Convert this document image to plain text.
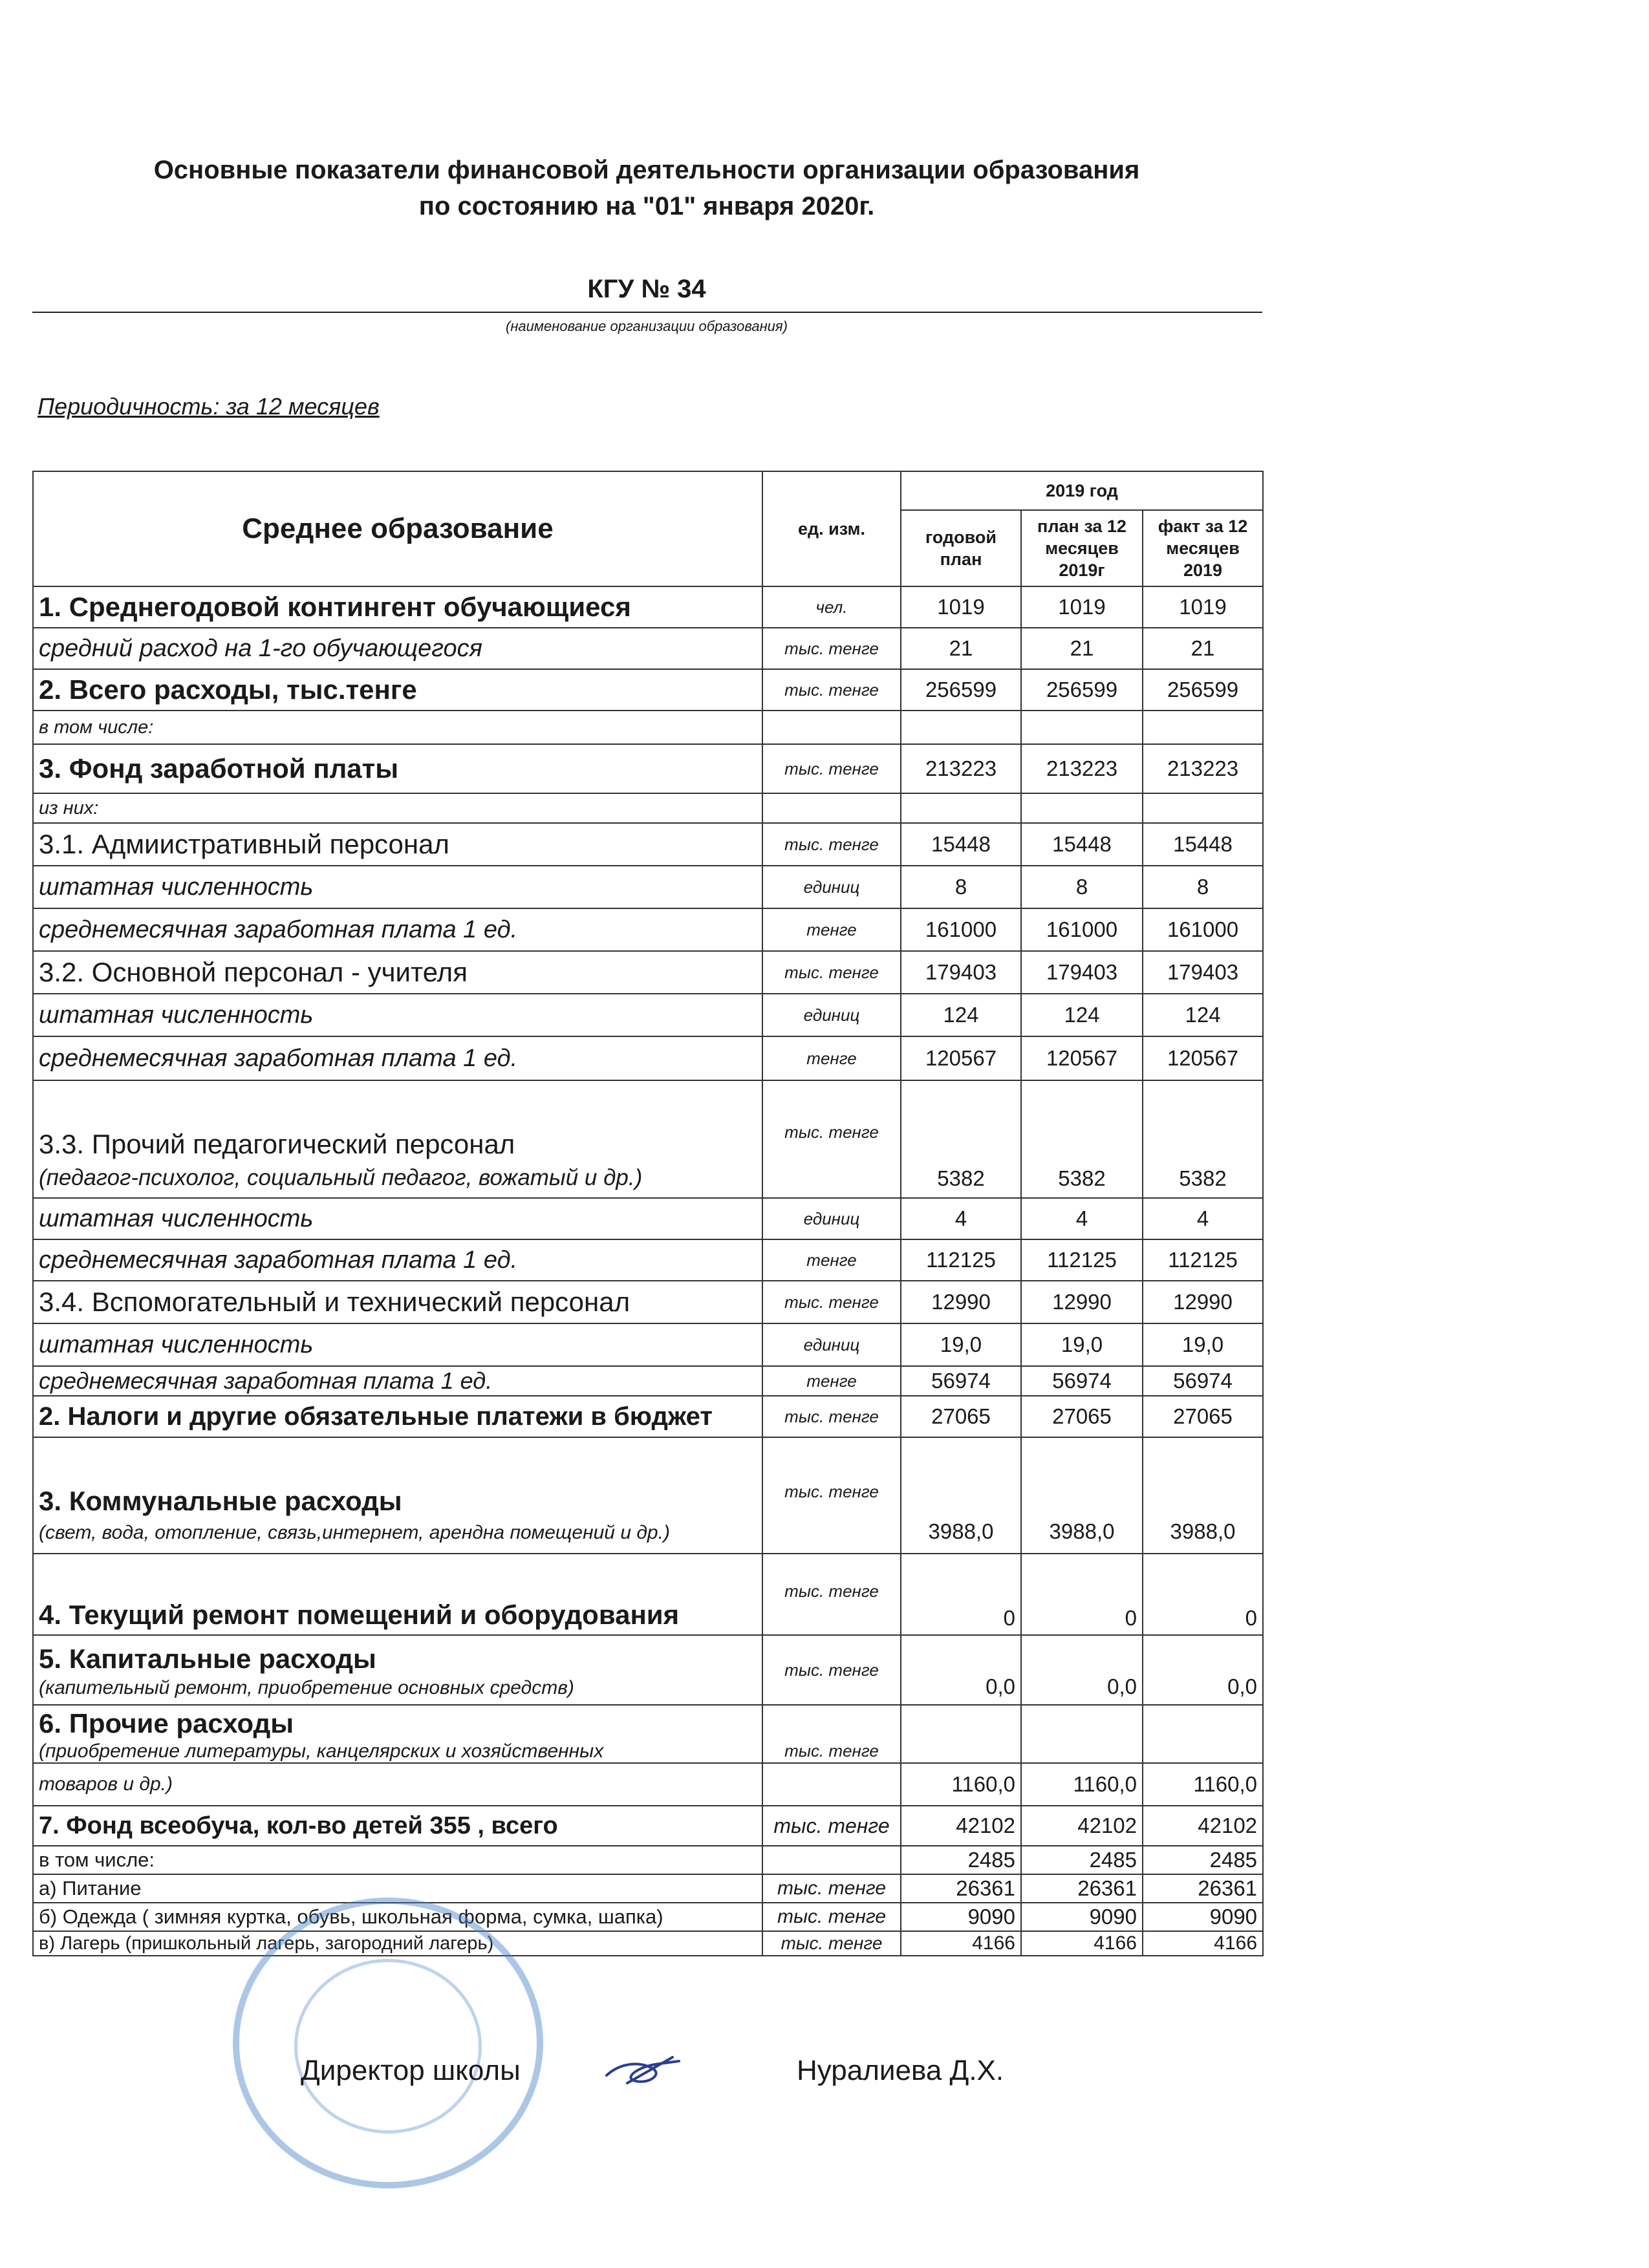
Основные показатели финансовой деятельности организации образования
по состоянию на "01" января 2020г.
КГУ № 34
(наименование организации образования)
Периодичность: за 12 месяцев
Среднее образование	ед. изм.	2019 год		
		годовой план	план за 12 месяцев 2019г	факт за 12 месяцев 2019
1. Среднегодовой контингент обучающиеся	чел.	1019	1019	1019
средний расход на 1-го обучающегося	тыс. тенге	21	21	21
2. Всего расходы, тыс.тенге	тыс. тенге	256599	256599	256599
в том числе:				
3. Фонд заработной платы	тыс. тенге	213223	213223	213223
из них:				
3.1. Адмиистративный персонал	тыс. тенге	15448	15448	15448
штатная численность	единиц	8	8	8
среднемесячная заработная плата 1 ед.	тенге	161000	161000	161000
3.2. Основной персонал - учителя	тыс. тенге	179403	179403	179403
штатная численность	единиц	124	124	124
среднемесячная заработная плата 1 ед.	тенге	120567	120567	120567

3.3. Прочий педагогический персонал
(педагог-психолог, социальный педагог, вожатый и др.)	тыс. тенге	5382	5382	5382
штатная численность	единиц	4	4	4
среднемесячная заработная плата 1 ед.	тенге	112125	112125	112125
3.4. Вспомогательный и технический персонал	тыс. тенге	12990	12990	12990
штатная численность	единиц	19,0	19,0	19,0
среднемесячная заработная плата 1 ед.	тенге	56974	56974	56974
2. Налоги и другие обязательные платежи в бюджет	тыс. тенге	27065	27065	27065

3. Коммунальные расходы
(свет, вода, отопление, связь,интернет, арендна помещений и др.)	тыс. тенге	3988,0	3988,0	3988,0
4. Текущий ремонт помещений и оборудования	тыс. тенге	0	0	0

5. Капитальные расходы
(капительный ремонт, приобретение основных средств)	тыс. тенге	0,0	0,0	0,0

6. Прочие расходы
(приобретение литературы, канцелярских и хозяйственных	тыс. тенге			
товаров и др.)		1160,0	1160,0	1160,0
7. Фонд всеобуча, кол-во детей 355 , всего	тыс. тенге	42102	42102	42102
в том числе:		2485	2485	2485
а) Питание	тыс. тенге	26361	26361	26361
б) Одежда ( зимняя куртка, обувь, школьная форма, сумка, шапка)	тыс. тенге	9090	9090	9090
в) Лагерь (пришкольный лагерь, загородний лагерь)	тыс. тенге	4166	4166	4166
Директор школы	Нуралиева Д.Х.
